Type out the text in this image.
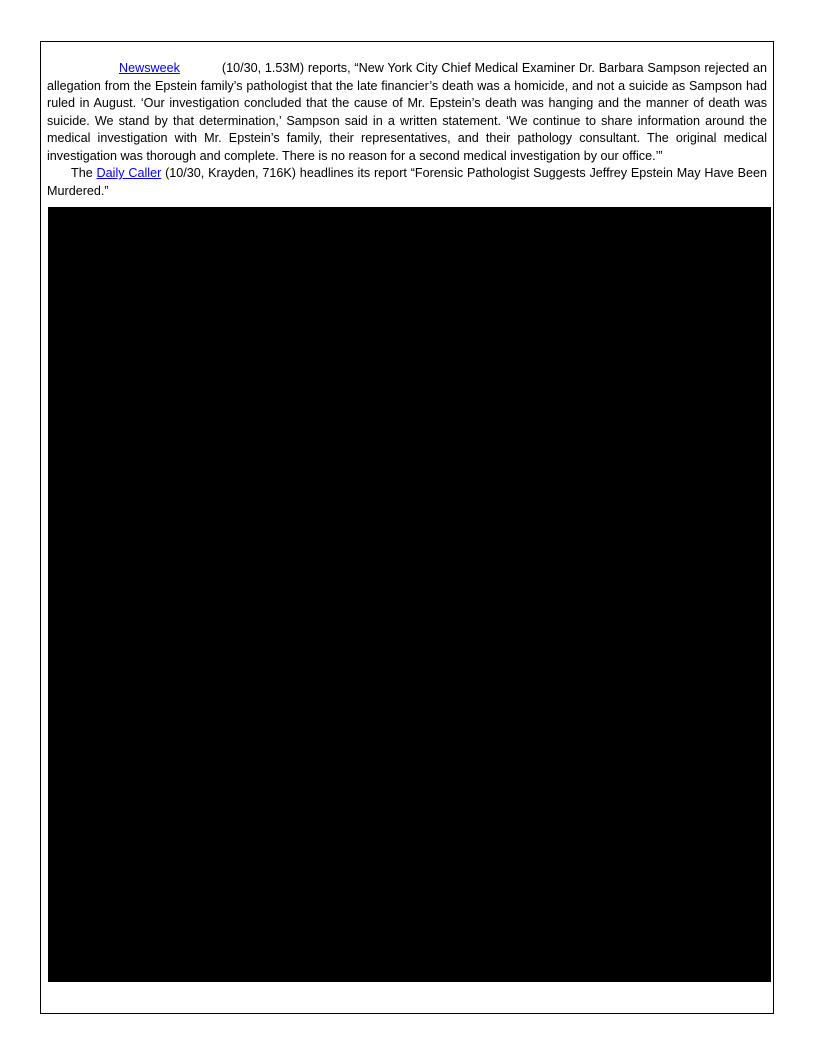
Newsweek	(10/30, 1.53M) reports, “New York City Chief Medical Examiner Dr. Barbara Sampson rejected an allegation from the Epstein family’s pathologist that the late financier’s death was a homicide, and not a suicide as Sampson had ruled in August. ‘Our investigation concluded that the cause of Mr. Epstein’s death was hanging and the manner of death was suicide. We stand by that determination,’ Sampson said in a written statement. ‘We continue to share information around the medical investigation with Mr. Epstein’s family, their representatives, and their pathology consultant. The original medical investigation was thorough and complete. There is no reason for a second medical investigation by our office.’”

The Daily Caller (10/30, Krayden, 716K) headlines its report “Forensic Pathologist Suggests Jeffrey Epstein May Have Been Murdered.”
